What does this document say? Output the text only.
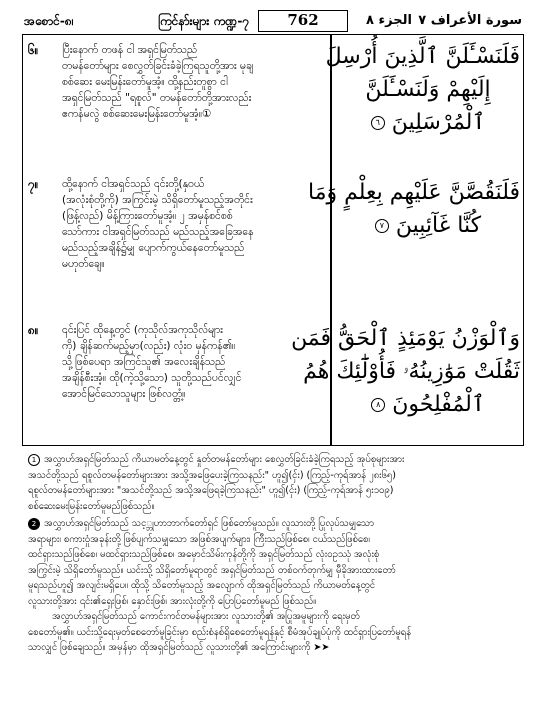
အစောင်-၈၊	ကြင်နာ်းများ ကဏ္ဍ-၇	762	الجزء ٨ سورة الأعراف ٧
၆။ ပြီးနောက် တဖန် ငါ အရှင်မြတ်သည်
တမန်တော်များ စေလွှတ်ခြင်းခံခဲ့ကြရသူတို့အား မုချ
စစ်ဆေး မေးမြန်းတော်မူအံ့။ ထို့နည်းတူစွာ ငါ
အရှင်မြတ်သည် "ရစူလ်" တမန်တော်တို့အားလည်း
ဧကန်မလွဲ စစ်ဆေးမေးမြန်းတော်မူအံ့။①
فَلَنَسْـَٔلَنَّ ٱلَّذِينَ أُرْسِلَ
إِلَيْهِمْ وَلَنَسْـَٔلَنَّ
ٱلْمُرْسَلِينَ ٦
၇။ ထို့နောက် ငါအရှင်သည် ၎င်းတို့(နှ၀ယ်
(အလုံးစုံတို့ကို) အကြွင်းမဲ့ သိရှိတော်မူသည့်အတိုင်း
(ဖြန့်လည်) မိန့်ကြားတော်မူအံ့။ ၂ အမှန်စင်စစ်
သော်ကား ငါအရှင်မြတ်သည် မည်သည့်အခြေအနေ
မည်သည့်အချိန်၌မျှ ပျောက်ကွယ်နေတော်မူသည်
မဟုတ်ချေ။
فَلَنَقُصَّنَّ عَلَيْهِم بِعِلْمٍ وَمَا
كُنَّا غَآئِبِينَ ٧
၈။ ၎င်းပြင် ထိုနေ့တွင် (ကုသိုလ်အကုသိုလ်များ
ကို) ချိန်ဆက်မည့်မှာ(လည်း) လုံး၀ မှန်ကန်၏။
သို့ဖြစ်ပေရာ အကြင်သူ၏ အလေးချိန်သည်
အချိန်စီးအံ့။ ထို(ကဲ့သို့သော) သူတို့သည်ပင်လျှင်
အောင်မြင်သောသူများ ဖြစ်လတ္တံ့။
وَٱلْوَزْنُ يَوْمَئِذٍ ٱلْحَقُّ فَمَن
ثَقُلَتْ مَوَٰزِينُهُۥ فَأُوْلَٰٓئِكَ هُمُ
ٱلْمُفْلِحُونَ ٨
1 အလွှာဟ်အရှင်မြတ်သည် ကိယာမတ်နေ့တွင် နှုတ်တမန်တော်များ စေလွှတ်ခြင်းခံခဲ့ကြရသည့် အုပ်စုများအား
အသင်တို့သည် ရစူလ်တမန်တော်များအား အသို့အဖြေပေးခဲ့ကြသနည်း" ဟူ၍(ငှ်း) (ကြည့်-ကုရ်အာန် ၂၈း၆၅)
ရစူလ်တမန်တော်များအား "အသင်တို့သည် အသို့အဖြေရခဲ့ကြသနည်း" ဟူ၍(ငှ်း) (ကြည့်-ကုရ်အာန် ၅း၁၀၉)
စစ်ဆေးမေးမြန်းတော်မူမည်ဖြစ်သည်။
2 အလွှာဟ်အရှင်မြတ်သည် သင့္ဘုဟာဘာက်တော်ရှင် ဖြစ်တော်မူသည်။ လူသားတို့ ပြုလုပ်သမျှသော
အရာများ၊ စကားဝှုံအခုန်းတို့ ဖြစ်ပျက်သမျှသော အဖြစ်အပျက်များ၊ ကြီးသည်ဖြစ်စေ၊ ငယ်သည်ဖြစ်စေ၊
ထင်ရှားသည်ဖြစ်စေ၊ မထင်ရှားသည်ဖြစ်စေ၊ အမှောင်သိမ်းကုန်တို့ကို အရှင်မြတ်သည် လုံး၀ဥဿုံ အလုံးစုံ
အကြွင်းမဲ့ သိရှိတော်မူသည်။ ယင်းသို့ သိရှိတော်မူရာတွင် အရှင်မြတ်သည် တစ်ဝက်တုက်မျှ မှီခိုအားထားတော်
မူရသည်ဟူ၍ အလျင်းမရှိပေ။ ထိုသို့ သိတော်မူသည့် အလျောက် ထိုအရှင်မြတ်သည် ကိယာမတ်နေ့တွင်
လူသားတို့အား ၎င်း၏ရှေးဖြစ်၊ နှောင်းဖြစ်၊ အားလုံးတို့ကို ပြောပြတော်မူမည် ဖြစ်သည်။
အလွှာဟ်အရှင်မြတ်သည် ကောင်းကင်တမန်များအား လူသားတို့၏ အပြုအမူများကို ရေးမှတ်
စေတော်မူ၏။ ယင်းသို့ရေးမှတ်စေတော်မူခြင်းမှာ စည်းစံနစ်ရှိစေတော်မူရန်နှင့် စီမံအုပ်ချုပ်ပုံကို ထင်ရှားပြတော်မူရန်
သာလျှင် ဖြစ်ချေသည်။ အမှန်မှာ ထိုအရှင်မြတ်သည် လူသားတို့၏ အကြောင်းများကို ➤➤
